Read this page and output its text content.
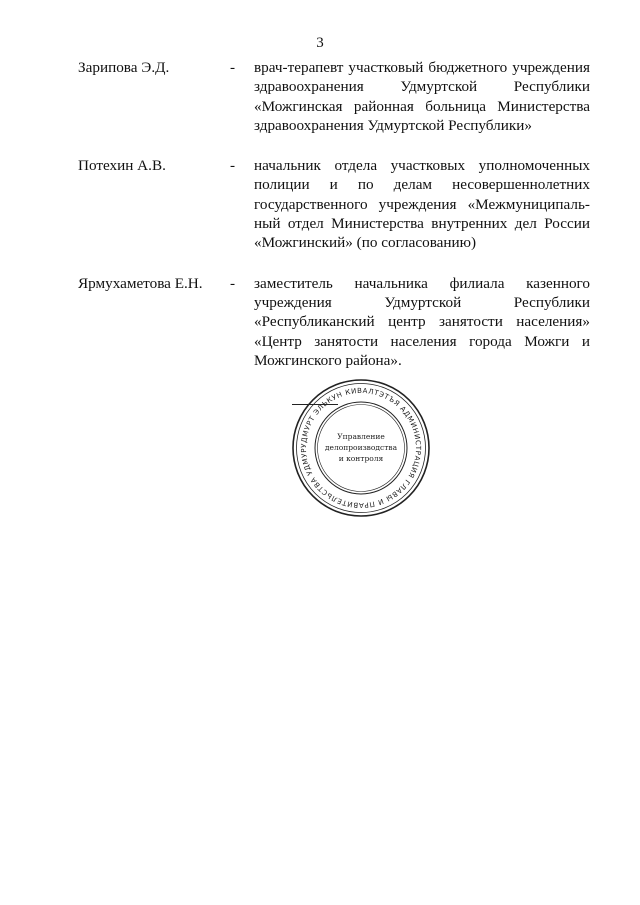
3
Зарипова Э.Д.	-	врач-терапевт участковый бюджетного учреждения
здравоохранения Удмуртской Республики
«Можгинская районная больница Министерства
здравоохранения Удмуртской Республики»
Потехин А.В.	-	начальник отдела участковых уполномоченных
полиции и по делам несовершеннолетних
государственного учреждения «Межмуниципаль-
ный отдел Министерства внутренних дел России
«Можгинский» (по согласованию)
Ярмухаметова Е.Н.	-	заместитель начальника филиала казенного
учреждения Удмуртской Республики
«Республиканский центр занятости населения»
«Центр занятости населения города Можги и
Можгинского района».
УДМУРТ ЭЛЬКУН КИВАЛТЭТЪЯ АДМИНИСТРАЦИЯ ГЛАВЫ И ПРАВИТЕЛЬСТВА УДМУР
Управление
делопроизводства
и контроля
